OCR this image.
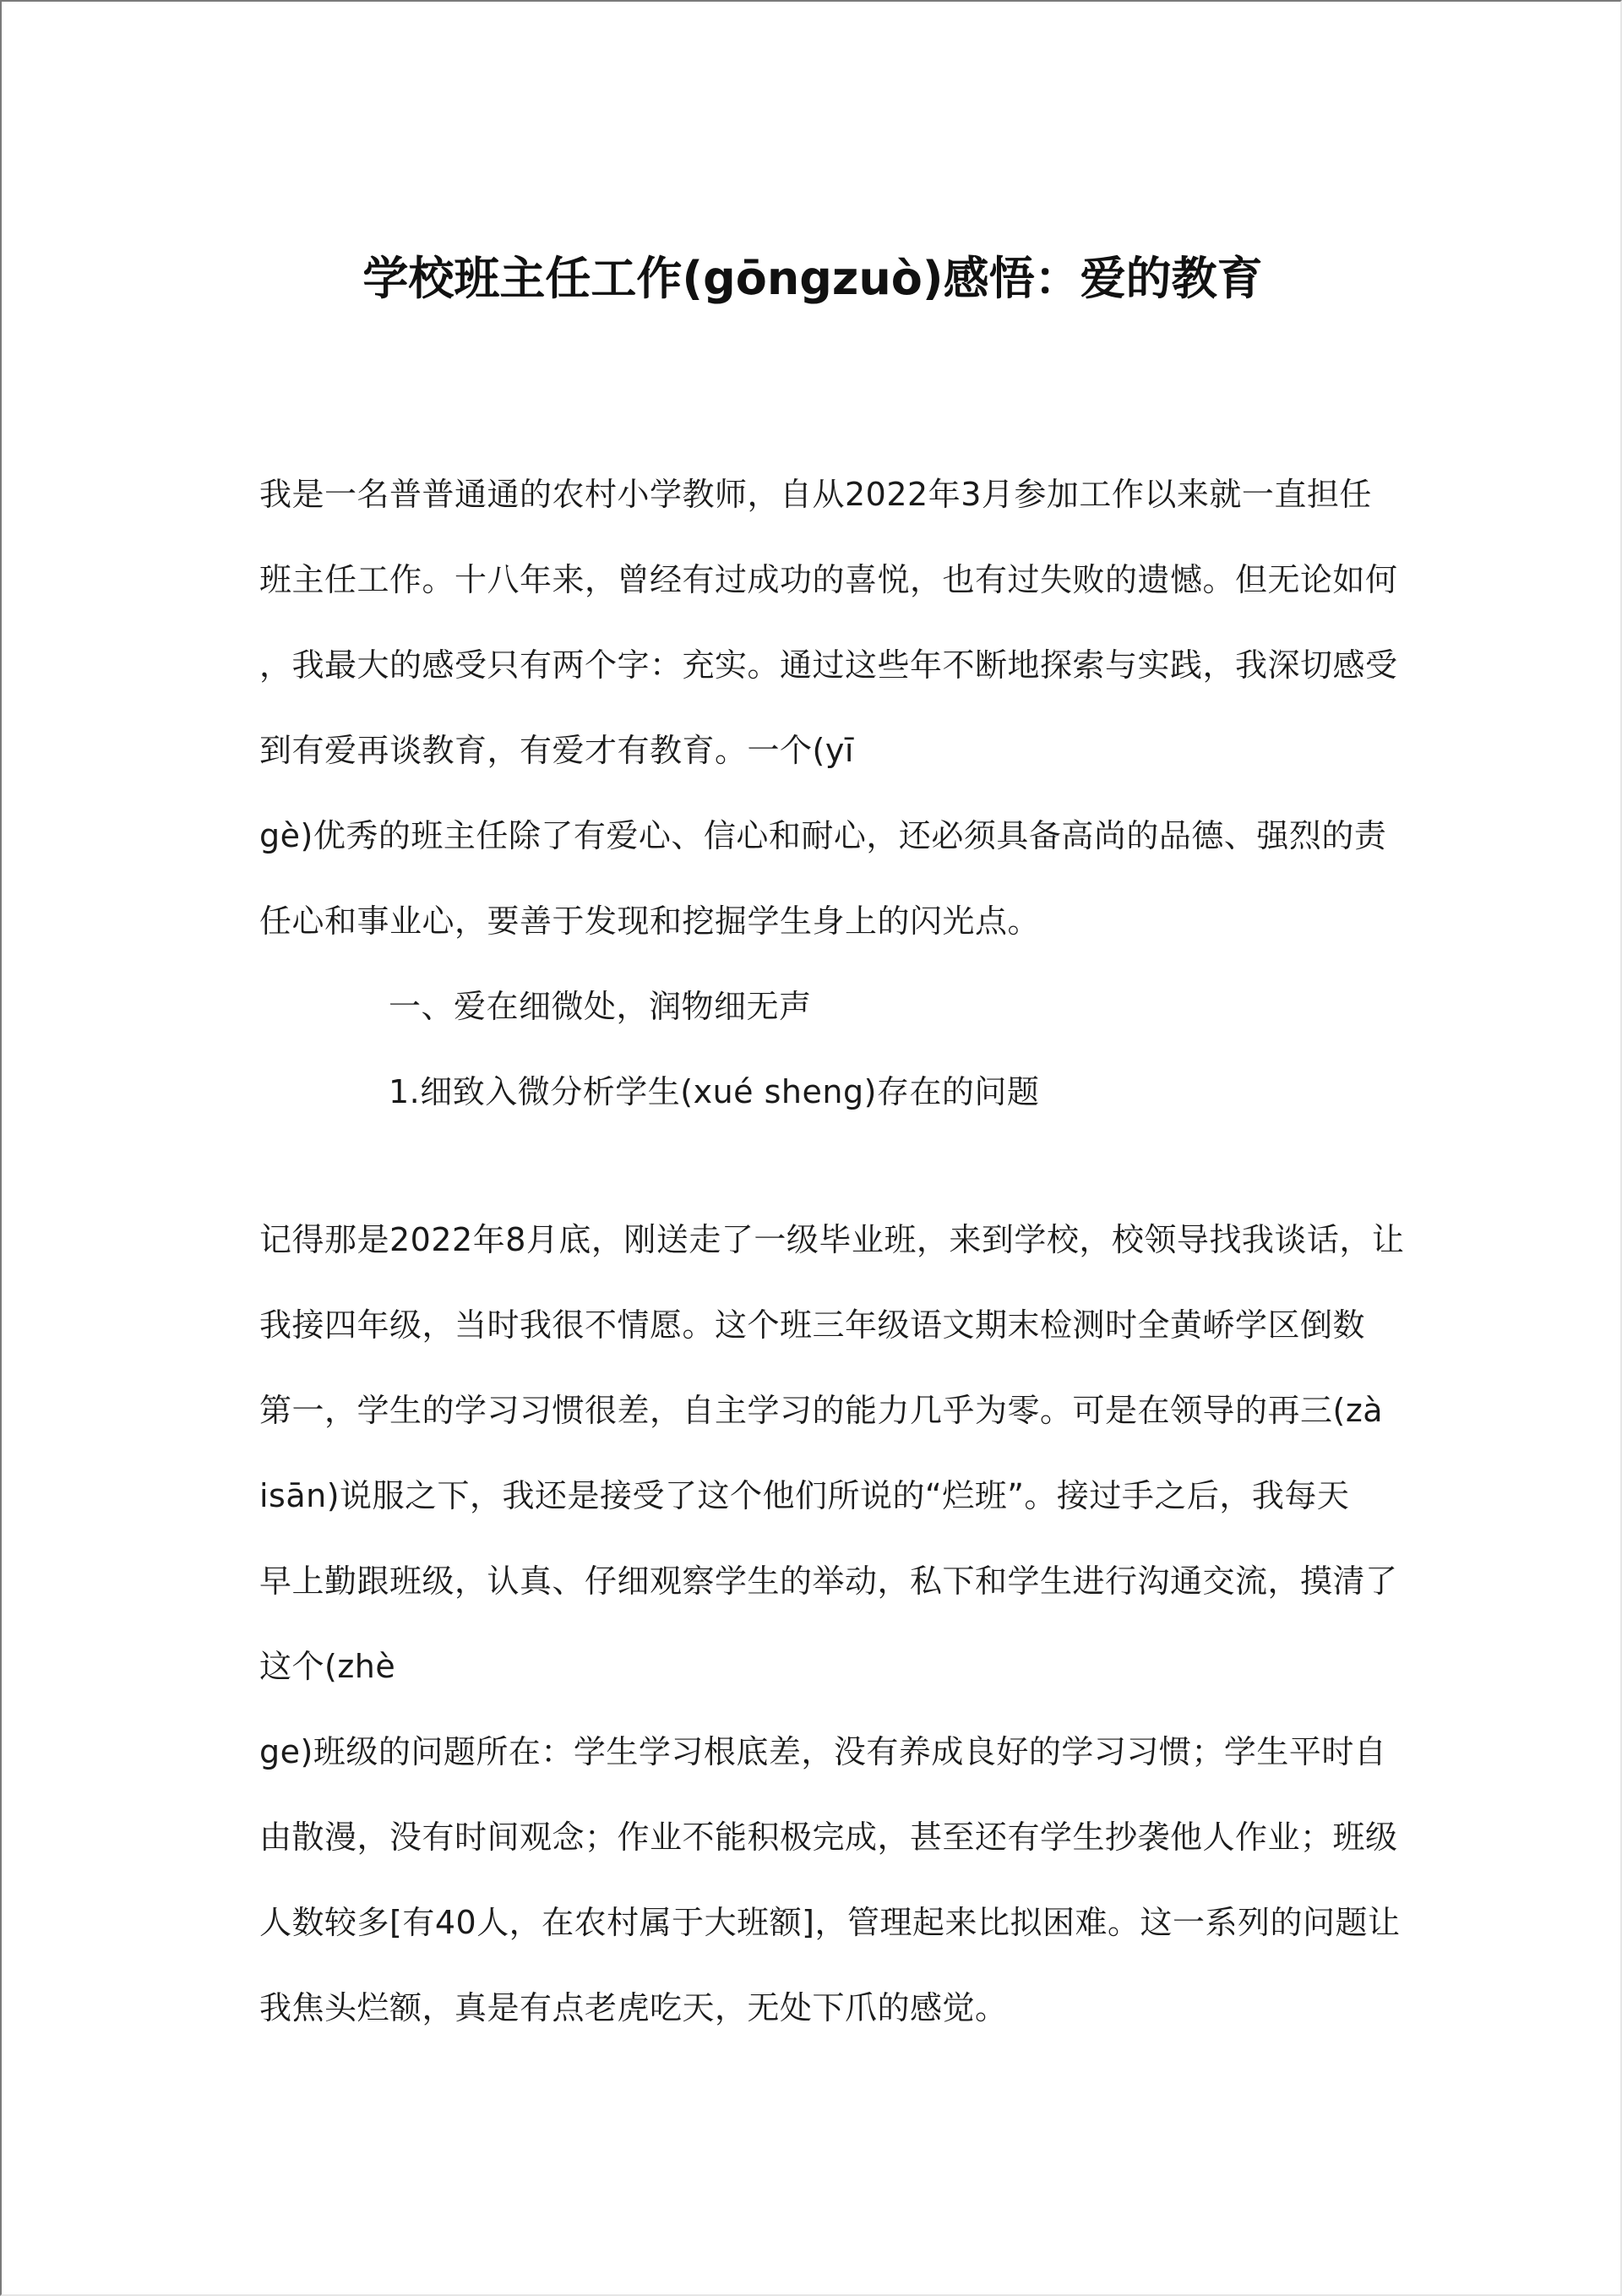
学校班主任工作(gōngzuò)感悟：爱的教育
我是一名普普通通的农村小学教师，自从2022年3月参加工作以来就一直担任
班主任工作。十八年来，曾经有过成功的喜悦，也有过失败的遗憾。但无论如何
，我最大的感受只有两个字：充实。通过这些年不断地探索与实践，我深切感受
到有爱再谈教育，有爱才有教育。一个(yī
gè)优秀的班主任除了有爱心、信心和耐心，还必须具备高尚的品德、强烈的责
任心和事业心，要善于发现和挖掘学生身上的闪光点。
一、爱在细微处，润物细无声
1.细致入微分析学生(xué sheng)存在的问题
记得那是2022年8月底，刚送走了一级毕业班，来到学校，校领导找我谈话，让
我接四年级，当时我很不情愿。这个班三年级语文期末检测时全黄峤学区倒数
第一，学生的学习习惯很差，自主学习的能力几乎为零。可是在领导的再三(zà
isān)说服之下，我还是接受了这个他们所说的“烂班”。接过手之后，我每天
早上勤跟班级，认真、仔细观察学生的举动，私下和学生进行沟通交流，摸清了
这个(zhè
ge)班级的问题所在：学生学习根底差，没有养成良好的学习习惯；学生平时自
由散漫，没有时间观念；作业不能积极完成，甚至还有学生抄袭他人作业；班级
人数较多[有40人，在农村属于大班额]，管理起来比拟困难。这一系列的问题让
我焦头烂额，真是有点老虎吃天，无处下爪的感觉。
